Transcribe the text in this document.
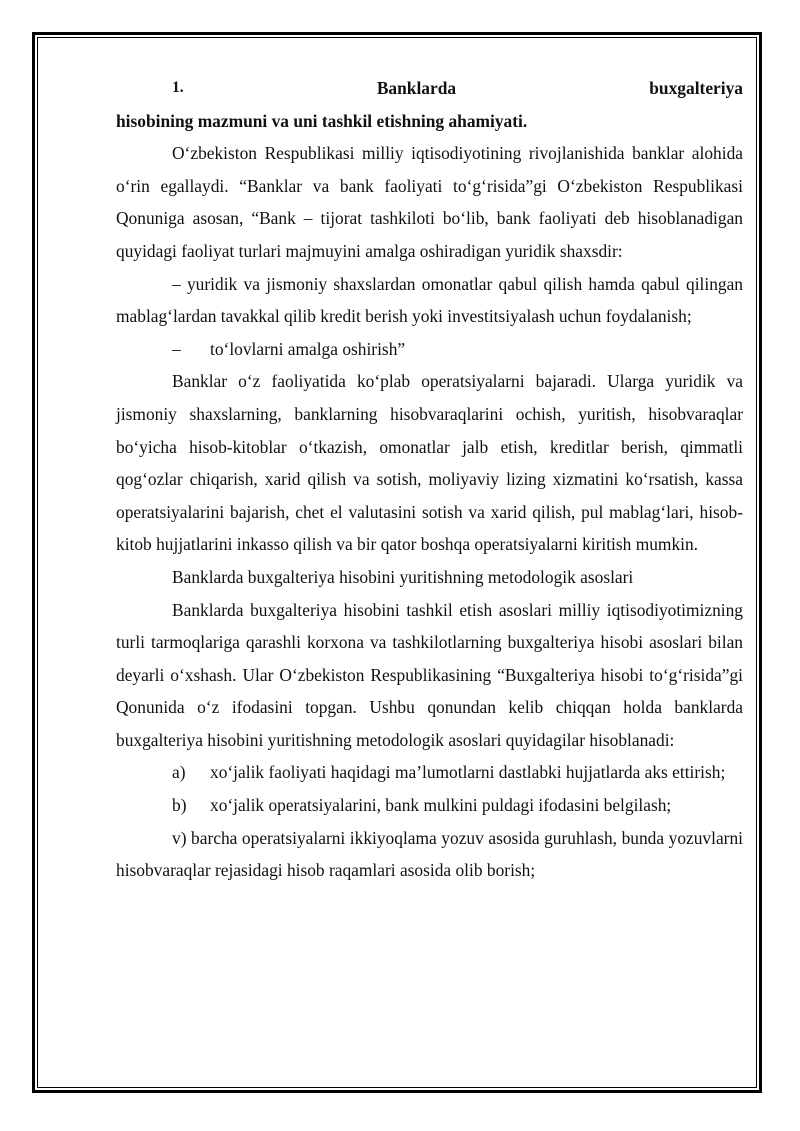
1.	Banklarda	buxgalteriya
hisobining mazmuni va uni tashkil etishning ahamiyati.

O‘zbekiston Respublikasi milliy iqtisodiyotining rivojlanishida banklar alohida o‘rin egallaydi. “Banklar va bank faoliyati to‘g‘risida”gi O‘zbekiston Respublikasi Qonuniga asosan, “Bank – tijorat tashkiloti bo‘lib, bank faoliyati deb hisoblanadigan quyidagi faoliyat turlari majmuyini amalga oshiradigan yuridik shaxsdir:

– yuridik va jismoniy shaxslardan omonatlar qabul qilish hamda qabul qilingan mablag‘lardan tavakkal qilib kredit berish yoki investitsiyalash uchun foydalanish;

– to‘lovlarni amalga oshirish”

Banklar o‘z faoliyatida ko‘plab operatsiyalarni bajaradi. Ularga yuridik va jismoniy shaxslarning, banklarning hisobvaraqlarini ochish, yuritish, hisobvaraqlar bo‘yicha hisob-kitoblar o‘tkazish, omonatlar jalb etish, kreditlar berish, qimmatli qog‘ozlar chiqarish, xarid qilish va sotish, moliyaviy lizing xizmatini ko‘rsatish, kassa operatsiyalarini bajarish, chet el valutasini sotish va xarid qilish, pul mablag‘lari, hisob-kitob hujjatlarini inkasso qilish va bir qator boshqa operatsiyalarni kiritish mumkin.

Banklarda buxgalteriya hisobini yuritishning metodologik asoslari

Banklarda buxgalteriya hisobini tashkil etish asoslari milliy iqtisodiyotimizning turli tarmoqlariga qarashli korxona va tashkilotlarning buxgalteriya hisobi asoslari bilan deyarli o‘xshash. Ular O‘zbekiston Respublikasining “Buxgalteriya hisobi to‘g‘risida”gi Qonunida o‘z ifodasini topgan. Ushbu qonundan kelib chiqqan holda banklarda buxgalteriya hisobini yuritishning metodologik asoslari quyidagilar hisoblanadi:

a) xo‘jalik faoliyati haqidagi ma’lumotlarni dastlabki hujjatlarda aks ettirish;

b) xo‘jalik operatsiyalarini, bank mulkini puldagi ifodasini belgilash;

v) barcha operatsiyalarni ikkiyoqlama yozuv asosida guruhlash, bunda yozuvlarni hisobvaraqlar rejasidagi hisob raqamlari asosida olib borish;
